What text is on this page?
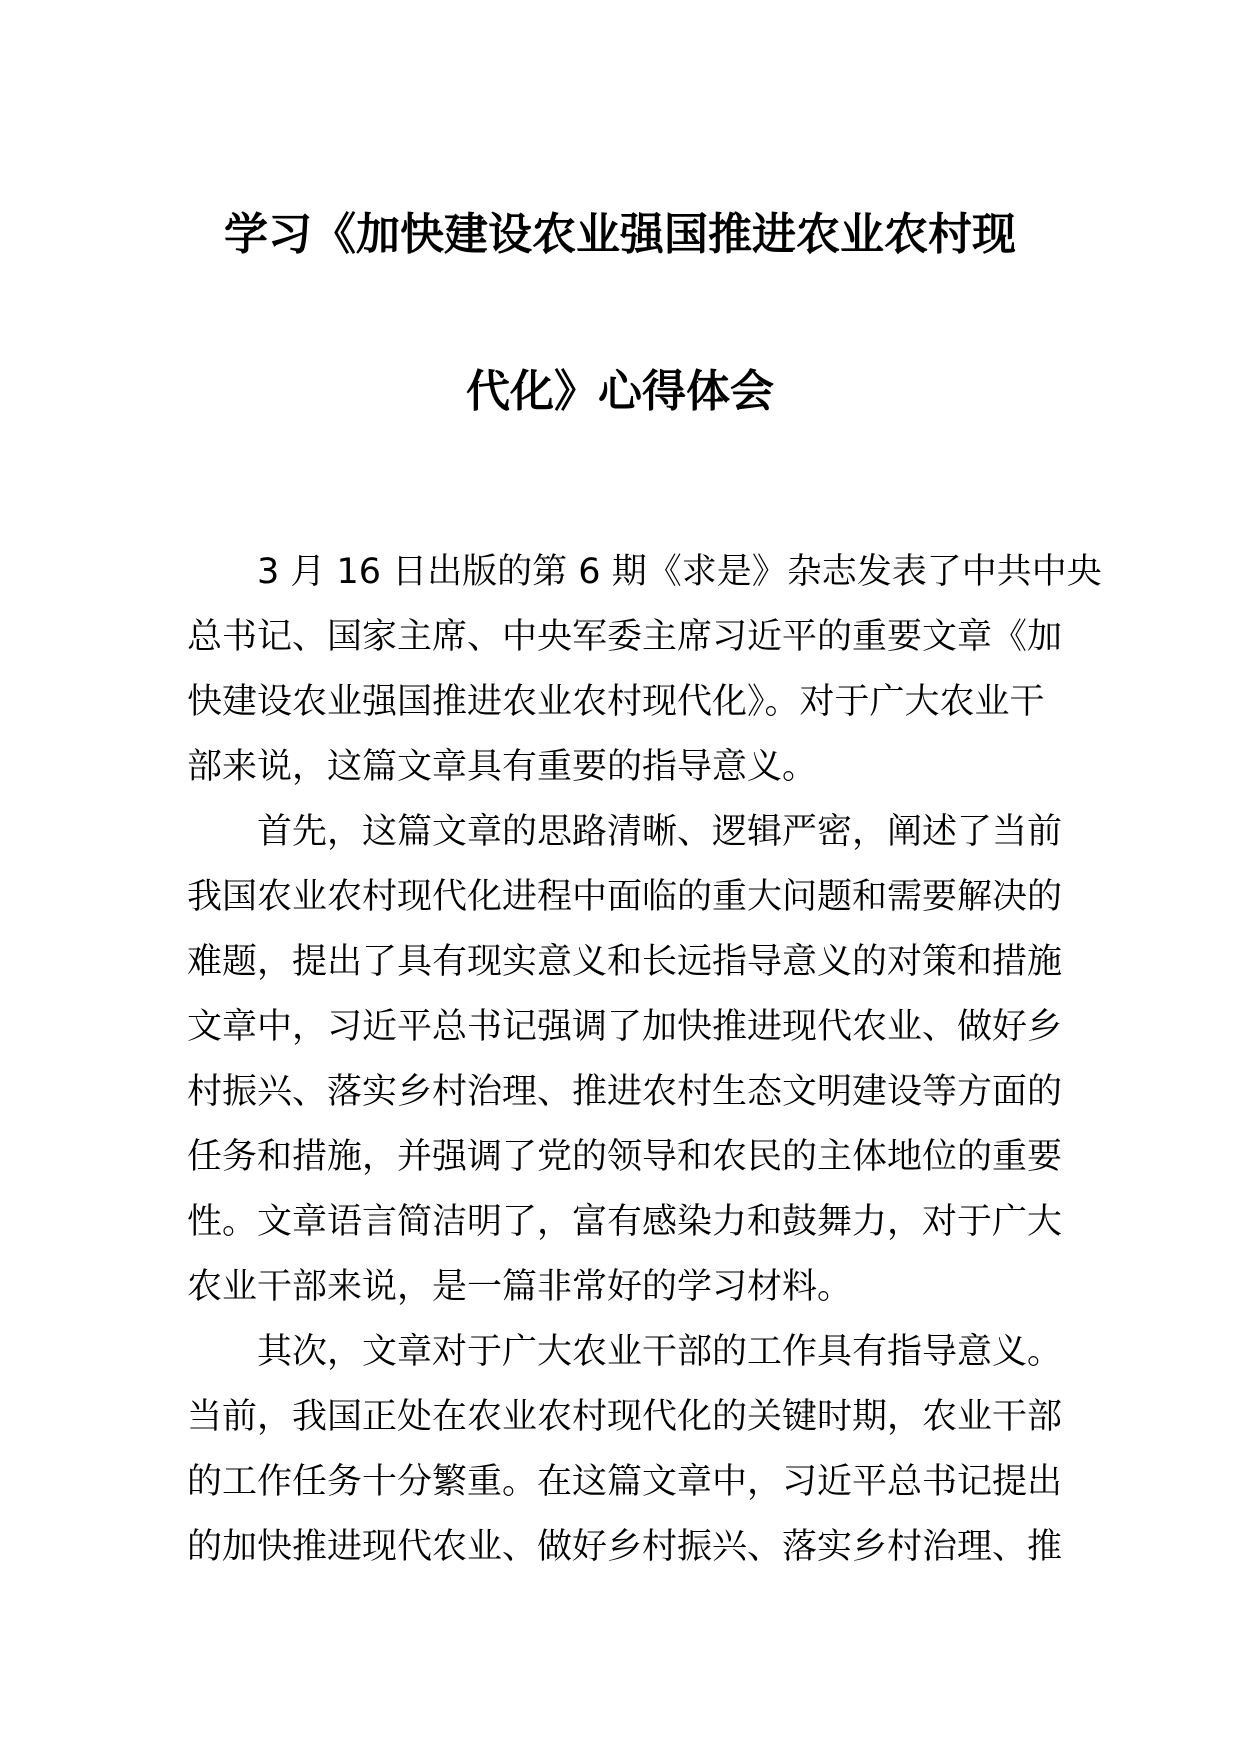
学习《加快建设农业强国推进农业农村现
代化》心得体会
3 月 16 日出版的第 6 期《求是》杂志发表了中共中央
总书记、国家主席、中央军委主席习近平的重要文章《加
快建设农业强国推进农业农村现代化》。对于广大农业干
部来说，这篇文章具有重要的指导意义。
首先，这篇文章的思路清晰、逻辑严密，阐述了当前
我国农业农村现代化进程中面临的重大问题和需要解决的
难题，提出了具有现实意义和长远指导意义的对策和措施
文章中，习近平总书记强调了加快推进现代农业、做好乡
村振兴、落实乡村治理、推进农村生态文明建设等方面的
任务和措施，并强调了党的领导和农民的主体地位的重要
性。文章语言简洁明了，富有感染力和鼓舞力，对于广大
农业干部来说，是一篇非常好的学习材料。
其次，文章对于广大农业干部的工作具有指导意义。
当前，我国正处在农业农村现代化的关键时期，农业干部
的工作任务十分繁重。在这篇文章中，习近平总书记提出
的加快推进现代农业、做好乡村振兴、落实乡村治理、推
